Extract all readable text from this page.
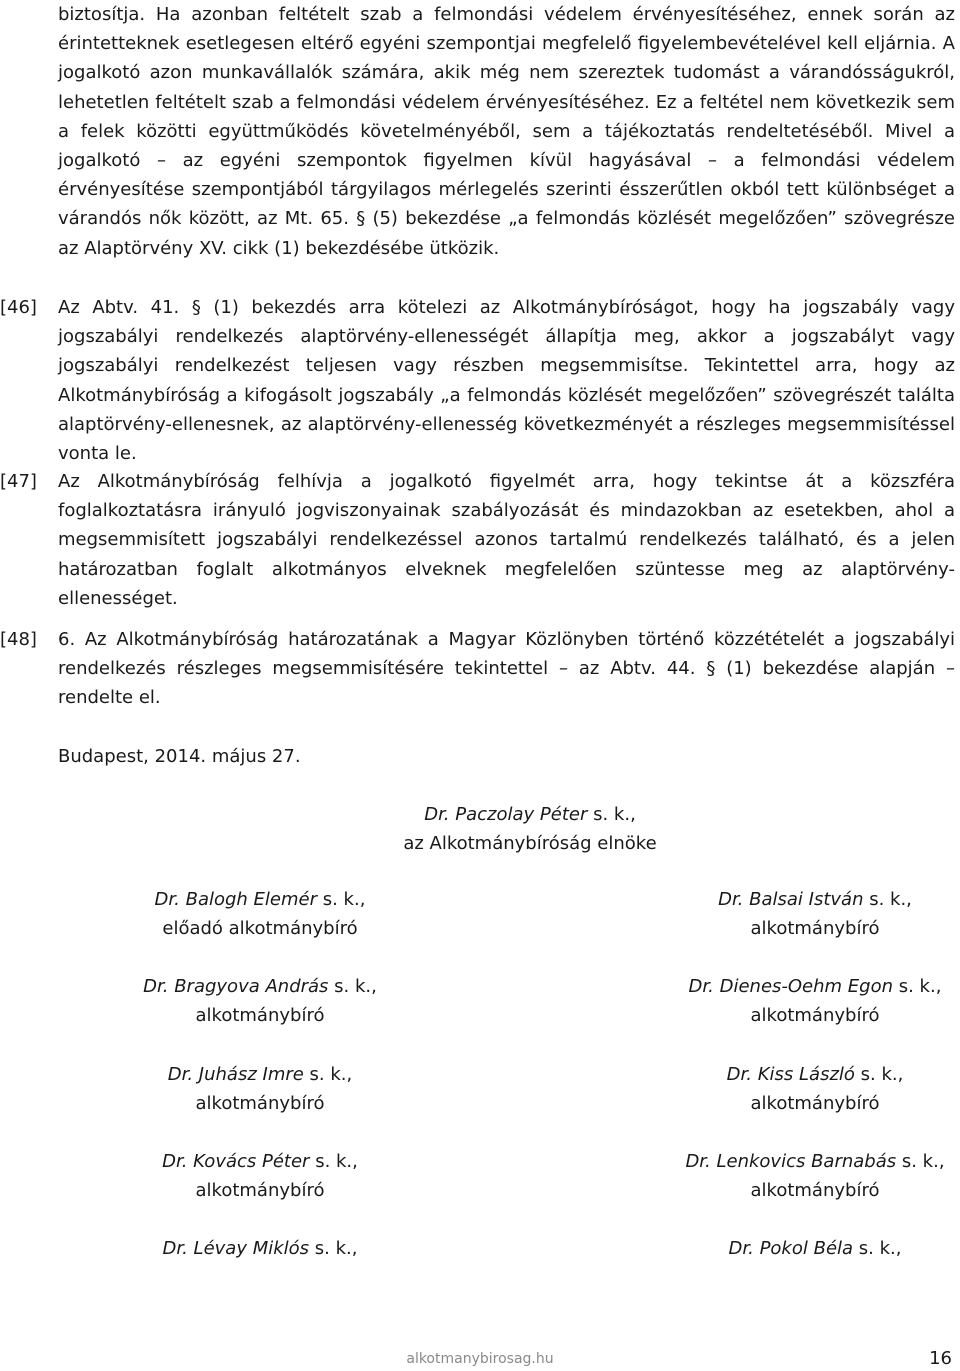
biztosítja. Ha azonban feltételt szab a felmondási védelem érvényesítéséhez, ennek során az érintetteknek esetlegesen eltérő egyéni szempontjai megfelelő figyelembevételével kell eljárnia. A jogalkotó azon munkavállalók számára, akik még nem szereztek tudomást a várandósságukról, lehetetlen feltételt szab a felmondási védelem érvényesítéséhez. Ez a feltétel nem következik sem a felek közötti együttműködés követelményéből, sem a tájékoztatás rendeltetéséből. Mivel a jogalkotó – az egyéni szempontok figyelmen kívül hagyásával – a felmondási védelem érvényesítése szempontjából tárgyilagos mérlegelés szerinti ésszerűtlen okból tett különbséget a várandós nők között, az Mt. 65. § (5) bekezdése „a felmondás közlését megelőzően” szövegrésze az Alaptörvény XV. cikk (1) bekezdésébe ütközik.
[46]	Az Abtv. 41. § (1) bekezdés arra kötelezi az Alkotmánybíróságot, hogy ha jogszabály vagy jogszabályi rendelkezés alaptörvény-ellenességét állapítja meg, akkor a jogszabályt vagy jogszabályi rendelkezést teljesen vagy részben megsemmisítse. Tekintettel arra, hogy az Alkotmánybíróság a kifogásolt jogszabály „a felmondás közlését megelőzően” szövegrészét találta alaptörvény-ellenesnek, az alaptörvény-ellenesség következményét a részleges megsemmisítéssel vonta le.
[47]	Az Alkotmánybíróság felhívja a jogalkotó figyelmét arra, hogy tekintse át a közszféra foglalkoztatásra irányuló jogviszonyainak szabályozását és mindazokban az esetekben, ahol a megsemmisített jogszabályi rendelkezéssel azonos tartalmú rendelkezés található, és a jelen határozatban foglalt alkotmányos elveknek megfelelően szüntesse meg az alaptörvény-ellenességet.
[48]	6. Az Alkotmánybíróság határozatának a Magyar Közlönyben történő közzétételét a jogszabályi rendelkezés részleges megsemmisítésére tekintettel – az Abtv. 44. § (1) bekezdése alapján – rendelte el.
Budapest, 2014. május 27.
Dr. Paczolay Péter s. k.,
az Alkotmánybíróság elnöke
Dr. Balogh Elemér s. k.,
előadó alkotmánybíró
Dr. Balsai István s. k.,
alkotmánybíró
Dr. Bragyova András s. k.,
alkotmánybíró
Dr. Dienes-Oehm Egon s. k.,
alkotmánybíró
Dr. Juhász Imre s. k.,
alkotmánybíró
Dr. Kiss László s. k.,
alkotmánybíró
Dr. Kovács Péter s. k.,
alkotmánybíró
Dr. Lenkovics Barnabás s. k.,
alkotmánybíró
Dr. Lévay Miklós s. k.,	Dr. Pokol Béla s. k.,
alkotmanybirosag.hu	16
